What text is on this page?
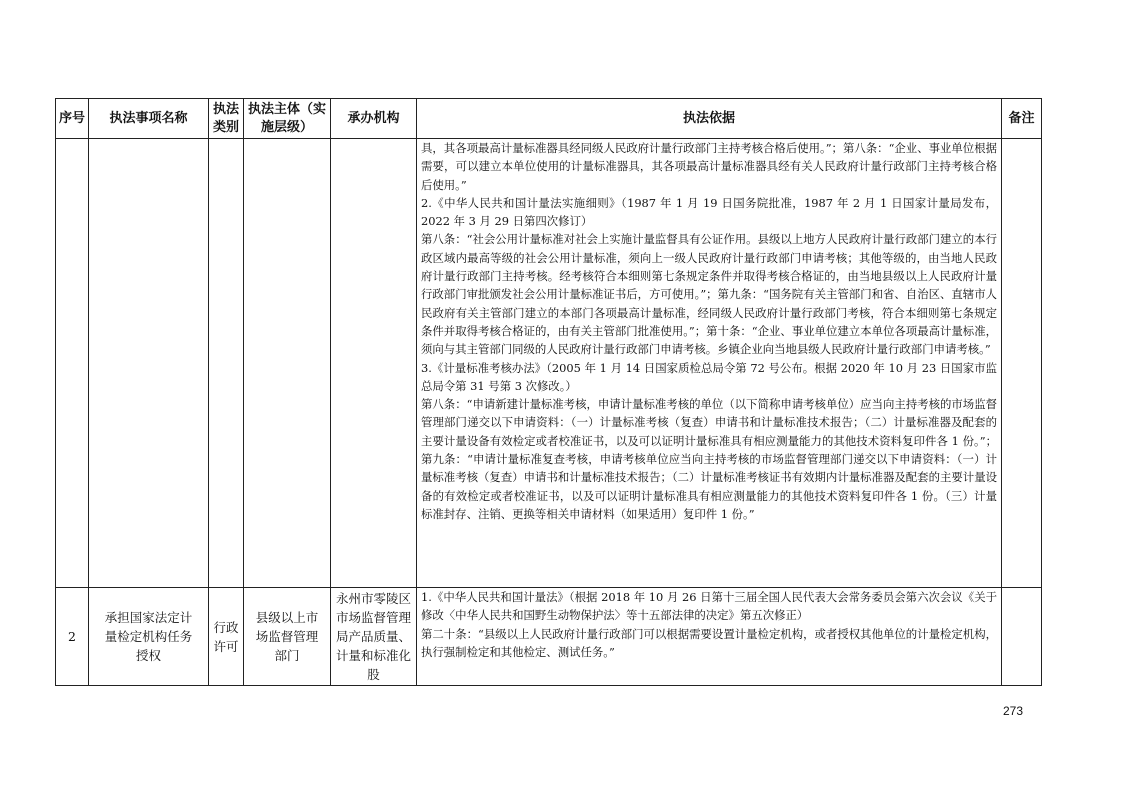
序号	执法事项名称	执法类别	执法主体（实施层级）	承办机构	执法依据	备注

					具，其各项最高计量标准器具经同级人民政府计量行政部门主持考核合格后使用。”；第八条：“企业、事业单位根据需要，可以建立本单位使用的计量标准器具，其各项最高计量标准器具经有关人民政府计量行政部门主持考核合格后使用。”

2.《中华人民共和国计量法实施细则》（1987 年 1 月 19 日国务院批准，1987 年 2 月 1 日国家计量局发布，2022 年 3 月 29 日第四次修订）

第八条：“社会公用计量标准对社会上实施计量监督具有公证作用。县级以上地方人民政府计量行政部门建立的本行政区域内最高等级的社会公用计量标准，须向上一级人民政府计量行政部门申请考核；其他等级的，由当地人民政府计量行政部门主持考核。经考核符合本细则第七条规定条件并取得考核合格证的，由当地县级以上人民政府计量行政部门审批颁发社会公用计量标准证书后，方可使用。”；第九条：“国务院有关主管部门和省、自治区、直辖市人民政府有关主管部门建立的本部门各项最高计量标准，经同级人民政府计量行政部门考核，符合本细则第七条规定条件并取得考核合格证的，由有关主管部门批准使用。”；第十条：“企业、事业单位建立本单位各项最高计量标准，须向与其主管部门同级的人民政府计量行政部门申请考核。乡镇企业向当地县级人民政府计量行政部门申请考核。”

3.《计量标准考核办法》（2005 年 1 月 14 日国家质检总局令第 72 号公布。根据 2020 年 10 月 23 日国家市监总局令第 31 号第 3 次修改。）

第八条：“申请新建计量标准考核，申请计量标准考核的单位（以下简称申请考核单位）应当向主持考核的市场监督管理部门递交以下申请资料：（一）计量标准考核（复查）申请书和计量标准技术报告；（二）计量标准器及配套的主要计量设备有效检定或者校准证书，以及可以证明计量标准具有相应测量能力的其他技术资料复印件各 1 份。”；第九条：“申请计量标准复查考核，申请考核单位应当向主持考核的市场监督管理部门递交以下申请资料：（一）计量标准考核（复查）申请书和计量标准技术报告；（二）计量标准考核证书有效期内计量标准器及配套的主要计量设备的有效检定或者校准证书，以及可以证明计量标准具有相应测量能力的其他技术资料复印件各 1 份。（三）计量标准封存、注销、更换等相关申请材料（如果适用）复印件 1 份。”	

2	承担国家法定计量检定机构任务授权	行政许可	县级以上市场监督管理部门	永州市零陵区市场监督管理局产品质量、计量和标准化股	1.《中华人民共和国计量法》（根据 2018 年 10 月 26 日第十三届全国人民代表大会常务委员会第六次会议《关于修改〈中华人民共和国野生动物保护法〉等十五部法律的决定》第五次修正）

第二十条：“县级以上人民政府计量行政部门可以根据需要设置计量检定机构，或者授权其他单位的计量检定机构，执行强制检定和其他检定、测试任务。”	

273
